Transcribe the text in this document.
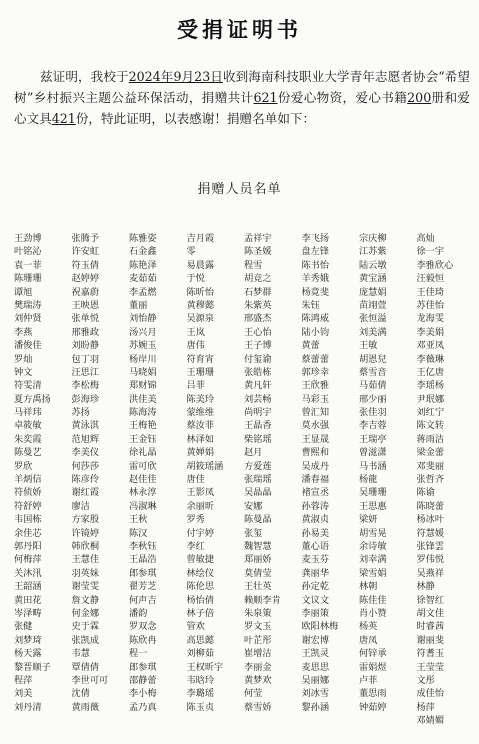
受捐证明书
兹证明，我校于2024年9月23日收到海南科技职业大学青年志愿者协会“希望树”乡村振兴主题公益环保活动，捐赠共计621份爱心物资，爱心书籍200册和爱心文具421份，特此证明，以表感谢！捐赠名单如下：
捐赠人员名单
王劲博
叶铭沁
袁一菲
陈珊珊
谭旭
樊瑞涛
刘仲贤
李燕
潘俊佳
罗灿
钟文
符雯清
夏方禹扬
马祥玮
卓筱敏
朱奕霞
陈曼艺
罗欣
羊炳信
符侦娇
符舒婷
韦国栋
余佳芯
郭丹阳
何梅萍
关沐汛
王韶涵
黄田花
岑泽畴
张健
刘梦琦
杨天露
黎晋顺子
程萍
刘美
刘丹清
张腾予
许安虹
符玉倩
赵婷婷
祝嘉蔚
王映恩
张单悦
邢雅政
刘盼静
包丁羽
汪思江
李松梅
彭海珍
苏扬
黄泳淇
范旭辉
李美仪
何莎莎
陈彦伶
谢红霞
廖洁
方家殷
许镜婷
韩欣桐
王慧佳
羽英妹
谢莹雯
詹文静
何金娜
史于霖
张凯成
韦慧
覃倩倩
李世可可
沈倩
黄雨薇
陈雅姿
石金鑫
陈艳泽
麦茹茹
李孟燃
董丽
刘怡静
汤兴月
苏婉玉
杨岸川
马晓娟
郑财锦
洪佳美
陈海涛
王梅艳
王金钰
徐礼晶
雷可欣
赵佳佳
林永淳
冯淑琳
王秋
陈汉
李秋钰
王晶浩
郎参琪
翟芳芝
何声吉
潘韵
罗双念
陈欣冉
程一
郎参琪
邵静蕾
李小梅
孟乃真
吉月霞
零
易晨露
于悦
陈昕怡
黄穆懿
吴源泉
王岚
唐伟
符育宵
王珊珊
吕菲
陈美玲
蒙维维
蔡汝菲
林泽如
黄婵娟
胡筱瑶涵
唐佳
王影凤
余丽昕
罗秀
付宇婷
李红
曾敏捷
林绘仪
陈伦思
杨怡倩
林子倍
管欢
高思懿
刘柳茹
王权昕宇
韦晗玲
李璐瑶
陈玉贞
孟祥宇
陈圣媛
程雪
胡竞之
石梦群
朱紫英
邢盛杰
王心怡
王子博
付玺谕
张皓栋
黄凡轩
刘芸畅
尚明宇
王晶香
柴铭瑶
赵月
方爱莲
张瑞瑶
吴晶晶
安娜
陈曼晶
张玺
魏智慧
郑丽娇
莫倩莹
王壮英
赖顺李肯
朱泉策
罗文玉
叶芷彤
崔增洁
李丽金
黄梦欢
何莹
蔡雪娇
李飞扬
盘左锋
陈书怡
羊秀娥
杨竟斐
朱钰
陈鸿威
陆小钧
黄蕾
蔡蕾蕾
郭珍幸
王欣雅
马彩玉
曾汇知
莫水强
王显晟
曹熙和
吴成丹
潘春福
褚宣丞
孙蓉涛
黄淑贞
孙易美
董心语
麦玉芬
龚丽华
孙定乾
文议文
李丽策
欧阳林梅
谢宏博
王凯灵
麦思思
吴丽娜
刘冰雪
黎孙涵
宗庆柳
江苏紫
陆云墩
黄宝涵
庞慧娟
苗翊萱
张恒溢
刘美满
王敏
胡恩兒
蔡雪音
马茹倩
邢少丽
张佳羽
李吉蓉
王瑞亭
曾滋潇
马书涵
杨龍
吴珊珊
王思惠
梁妍
胡雪晃
余诗敏
刘幸满
梁雪娟
林朝
陈佳佳
肖小赞
杨英
唐凤
何锌承
雷娟煜
卢菲
董思雨
钟茹婷
高灿
徐一宇
李雅欣心
汪毅恒
王佳琦
苏佳怡
龙海雯
李美娟
邓亚凤
李薇琳
王亿唐
李瑶杨
尹珉娜
刘红宁
陈文转
蒋雨洁
梁金蕾
邓斐丽
张哲齐
陈谕
陈晓蕾
杨冰叶
符慧媛
张锋雲
罗伟悦
吴燕祥
林静
徐智红
胡文佳
时睿茜
谢丽斐
符耆玉
王莹莹
文彤
成佳怡
杨萍
邓婧媚
